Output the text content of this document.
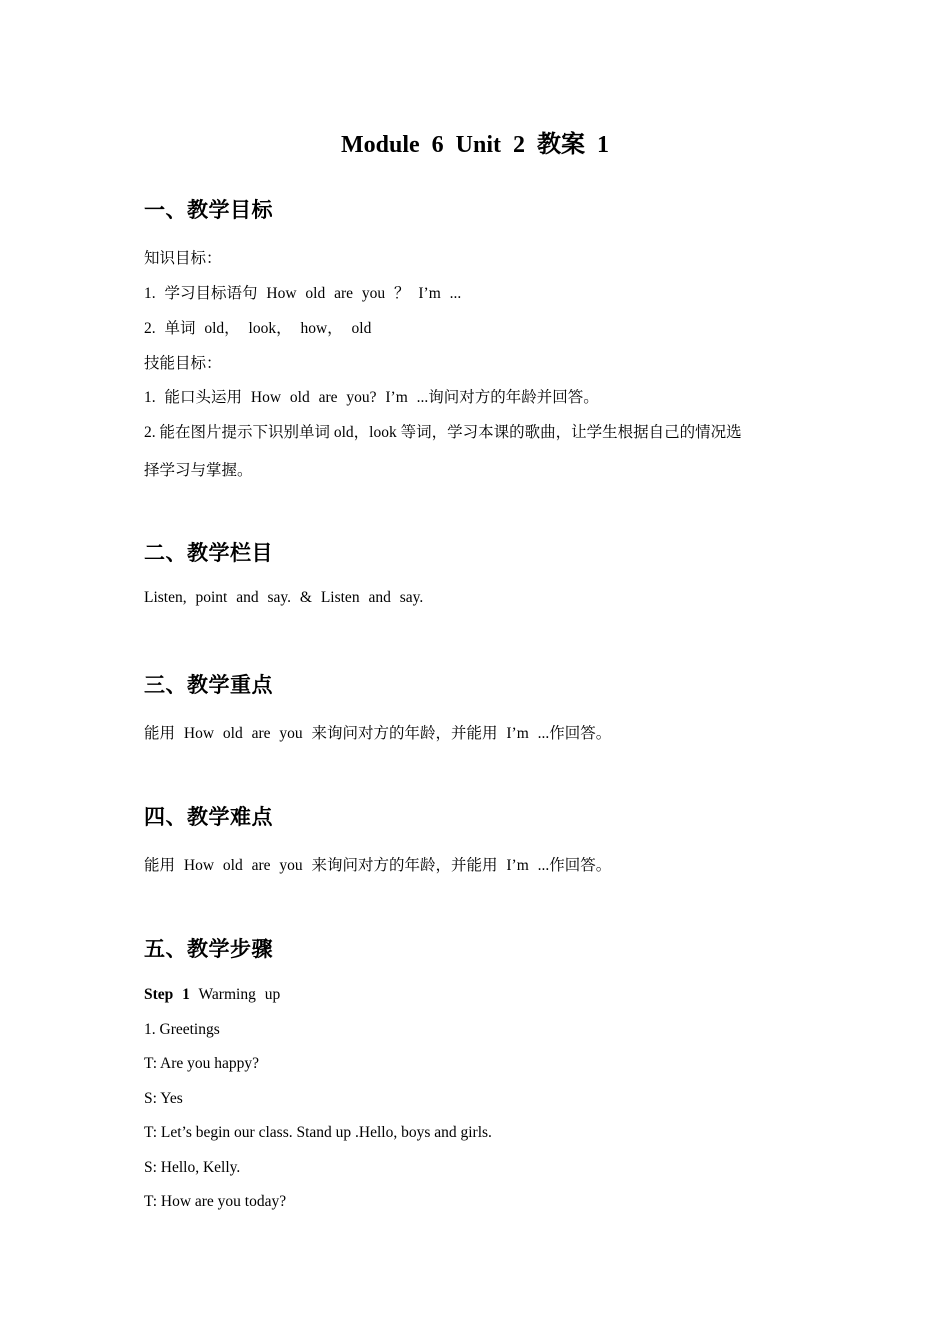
Module 6 Unit 2 教案 1
一、教学目标
知识目标：
1. 学习目标语句 How old are you ？ I’m ...
2. 单词 old， look， how， old
技能目标：
1. 能口头运用 How old are you? I’m ...询问对方的年龄并回答。
2. 能在图片提示下识别单词 old，look 等词，学习本课的歌曲，让学生根据自己的情况选
择学习与掌握。
二、教学栏目
Listen, point and say. & Listen and say.
三、教学重点
能用 How old are you 来询问对方的年龄，并能用 I’m ...作回答。
四、教学难点
能用 How old are you 来询问对方的年龄，并能用 I’m ...作回答。
五、教学步骤
Step 1 Warming up
1. Greetings
T: Are you happy?
S: Yes
T: Let’s begin our class. Stand up .Hello, boys and girls.
S: Hello, Kelly.
T: How are you today?
